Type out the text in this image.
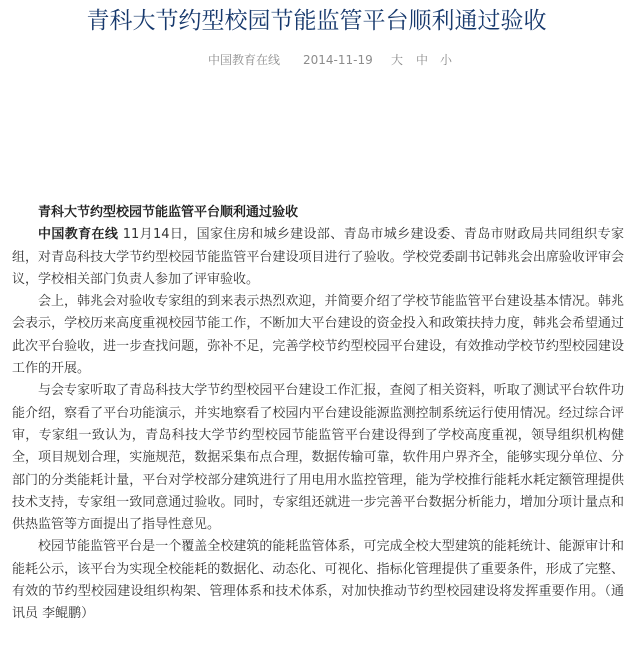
青科大节约型校园节能监管平台顺利通过验收
中国教育在线 2014-11-19 大 中 小

青科大节约型校园节能监管平台顺利通过验收

中国教育在线 11月14日，国家住房和城乡建设部、青岛市城乡建设委、青岛市财政局共同组织专家组，对青岛科技大学节约型校园节能监管平台建设项目进行了验收。学校党委副书记韩兆会出席验收评审会议，学校相关部门负责人参加了评审验收。

会上，韩兆会对验收专家组的到来表示热烈欢迎，并简要介绍了学校节能监管平台建设基本情况。韩兆会表示，学校历来高度重视校园节能工作，不断加大平台建设的资金投入和政策扶持力度，韩兆会希望通过此次平台验收，进一步查找问题，弥补不足，完善学校节约型校园平台建设，有效推动学校节约型校园建设工作的开展。

与会专家听取了青岛科技大学节约型校园平台建设工作汇报，查阅了相关资料，听取了测试平台软件功能介绍，察看了平台功能演示，并实地察看了校园内平台建设能源监测控制系统运行使用情况。经过综合评审，专家组一致认为，青岛科技大学节约型校园节能监管平台建设得到了学校高度重视，领导组织机构健全，项目规划合理，实施规范，数据采集布点合理，数据传输可靠，软件用户界齐全，能够实现分单位、分部门的分类能耗计量，平台对学校部分建筑进行了用电用水监控管理，能为学校推行能耗水耗定额管理提供技术支持，专家组一致同意通过验收。同时，专家组还就进一步完善平台数据分析能力，增加分项计量点和供热监管等方面提出了指导性意见。

校园节能监管平台是一个覆盖全校建筑的能耗监管体系，可完成全校大型建筑的能耗统计、能源审计和能耗公示，该平台为实现全校能耗的数据化、动态化、可视化、指标化管理提供了重要条件，形成了完整、有效的节约型校园建设组织构架、管理体系和技术体系，对加快推动节约型校园建设将发挥重要作用。（通讯员 李鲲鹏）
